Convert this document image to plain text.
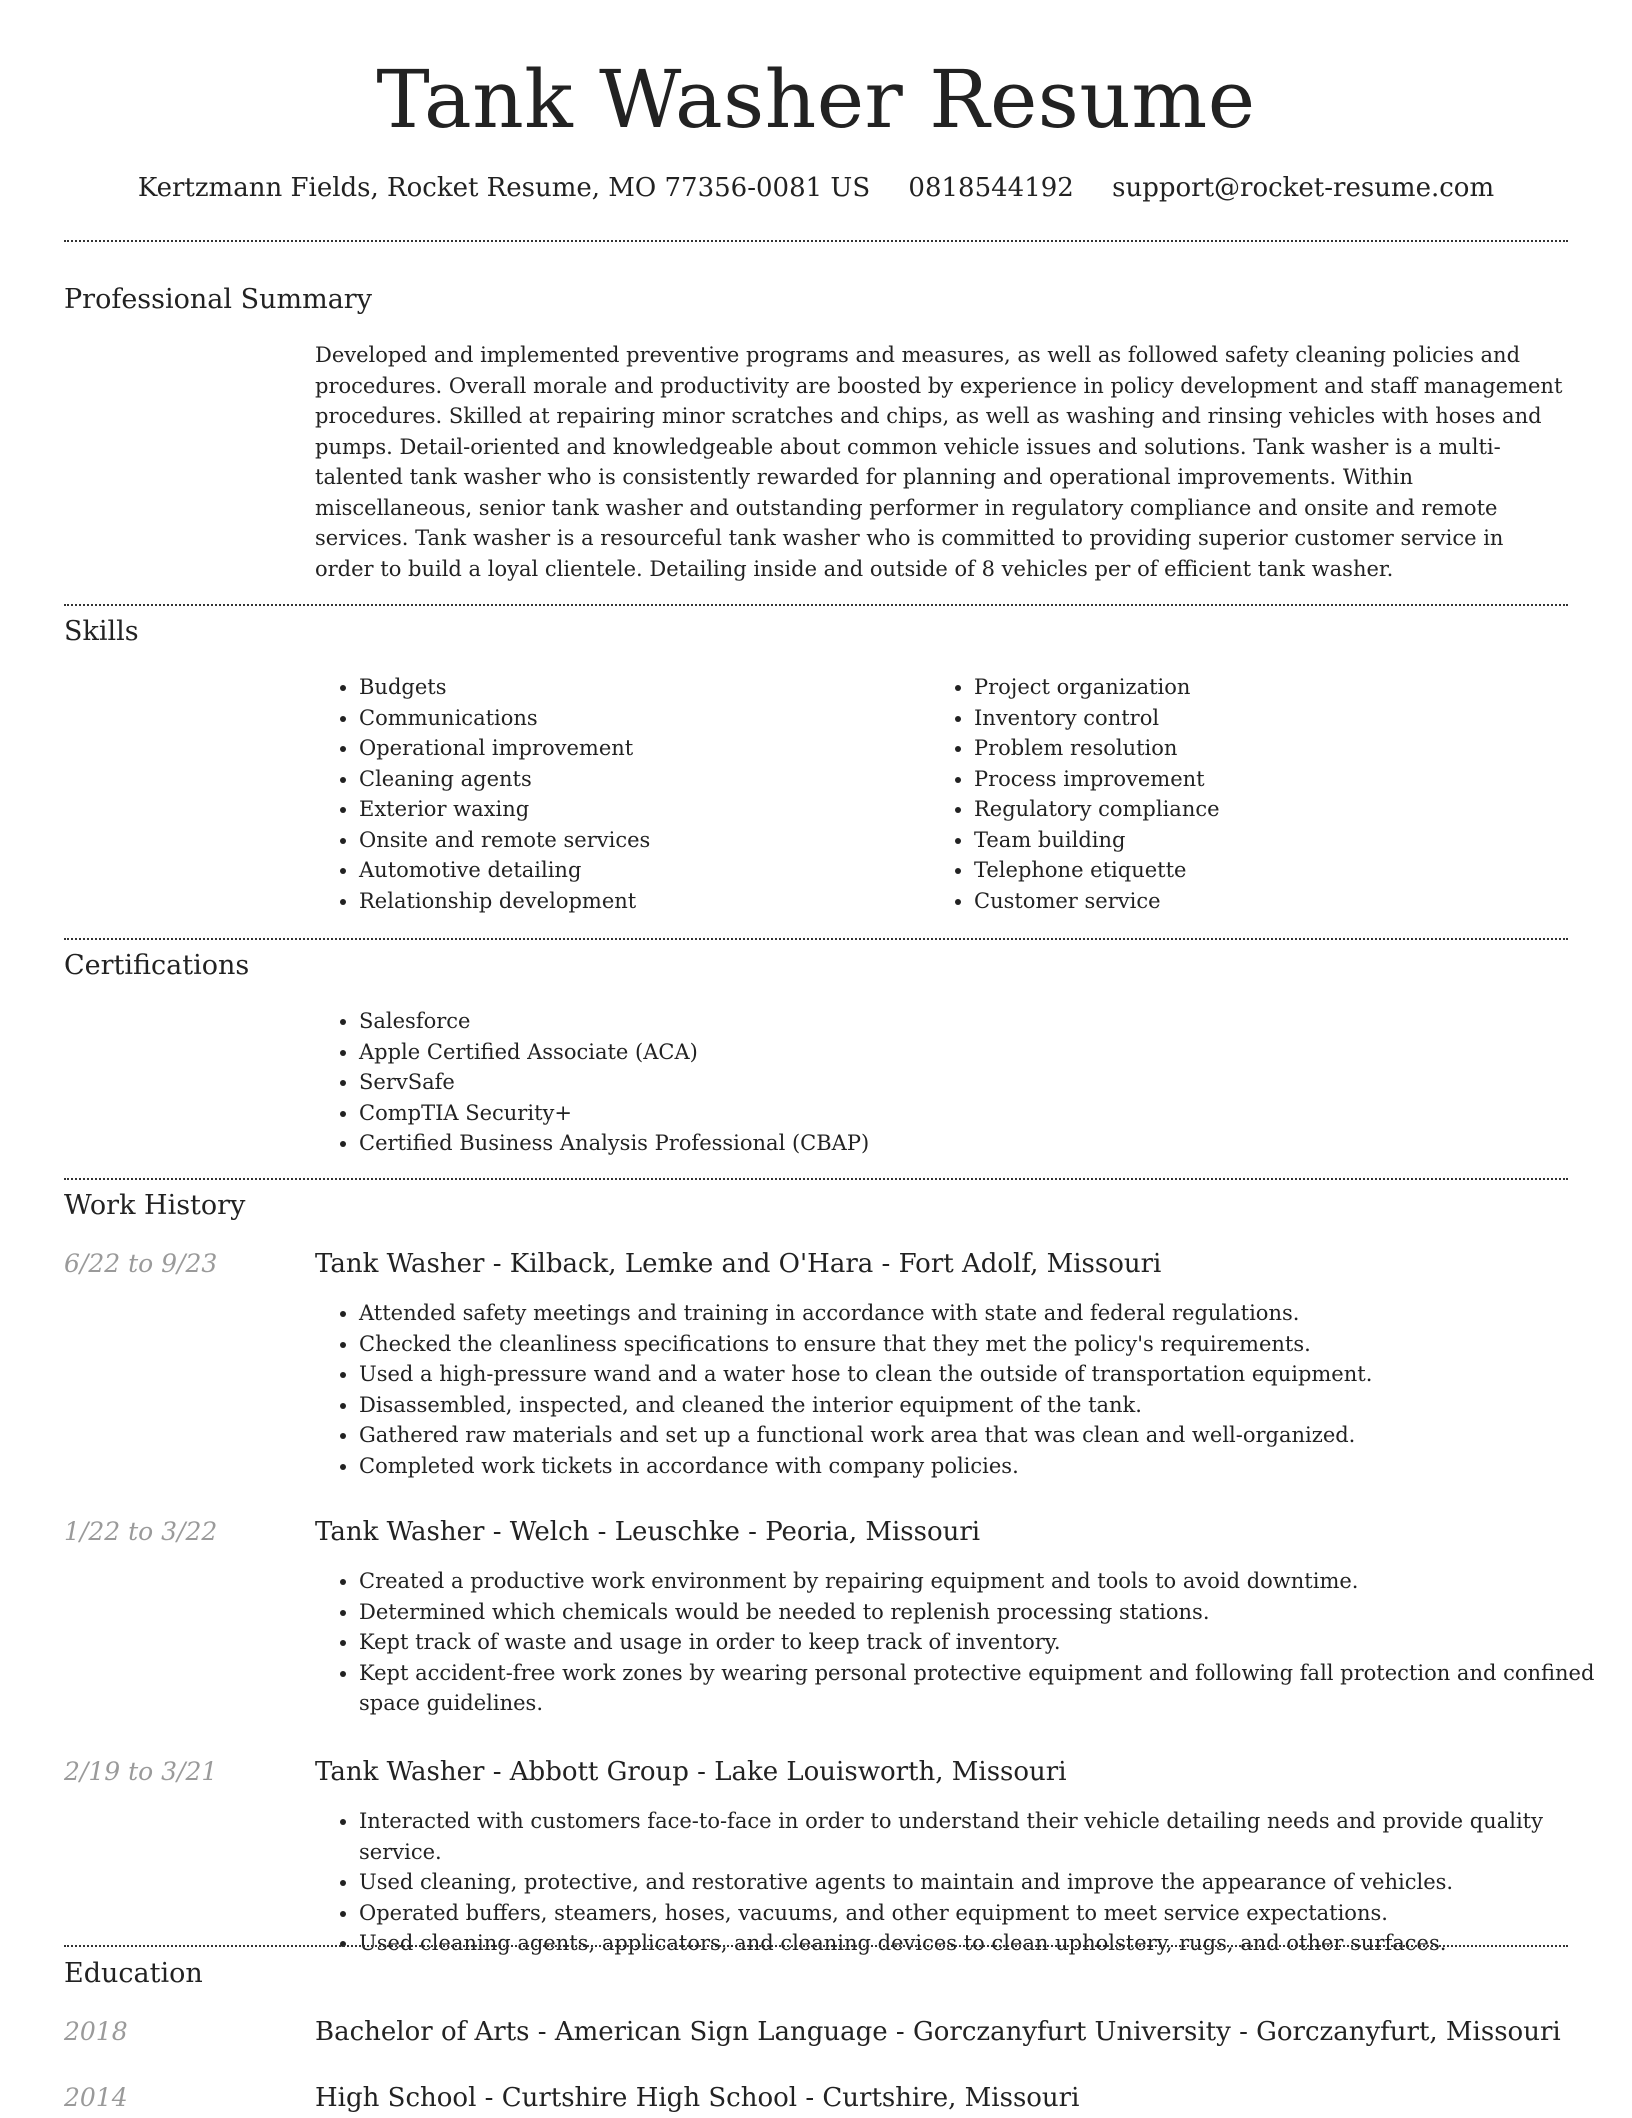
Tank Washer Resume
Kertzmann Fields, Rocket Resume, MO 77356-0081 US 0818544192 support@rocket-resume.com
Professional Summary

Developed and implemented preventive programs and measures, as well as followed safety cleaning policies and procedures. Overall morale and productivity are boosted by experience in policy development and staff management procedures. Skilled at repairing minor scratches and chips, as well as washing and rinsing vehicles with hoses and pumps. Detail-oriented and knowledgeable about common vehicle issues and solutions. Tank washer is a multi-talented tank washer who is consistently rewarded for planning and operational improvements. Within miscellaneous, senior tank washer and outstanding performer in regulatory compliance and onsite and remote services. Tank washer is a resourceful tank washer who is committed to providing superior customer service in order to build a loyal clientele. Detailing inside and outside of 8 vehicles per of efficient tank washer.

Skills
• Budgets
• Communications
• Operational improvement
• Cleaning agents
• Exterior waxing
• Onsite and remote services
• Automotive detailing
• Relationship development
• Project organization
• Inventory control
• Problem resolution
• Process improvement
• Regulatory compliance
• Team building
• Telephone etiquette
• Customer service
Certifications
• Salesforce
• Apple Certified Associate (ACA)
• ServSafe
• CompTIA Security+
• Certified Business Analysis Professional (CBAP)
Work History
6/22 to 9/23	Tank Washer - Kilback, Lemke and O'Hara - Fort Adolf, Missouri
• Attended safety meetings and training in accordance with state and federal regulations.
• Checked the cleanliness specifications to ensure that they met the policy's requirements.
• Used a high-pressure wand and a water hose to clean the outside of transportation equipment.
• Disassembled, inspected, and cleaned the interior equipment of the tank.
• Gathered raw materials and set up a functional work area that was clean and well-organized.
• Completed work tickets in accordance with company policies.
1/22 to 3/22	Tank Washer - Welch - Leuschke - Peoria, Missouri
• Created a productive work environment by repairing equipment and tools to avoid downtime.
• Determined which chemicals would be needed to replenish processing stations.
• Kept track of waste and usage in order to keep track of inventory.
• Kept accident-free work zones by wearing personal protective equipment and following fall protection and confined space guidelines.
2/19 to 3/21	Tank Washer - Abbott Group - Lake Louisworth, Missouri
• Interacted with customers face-to-face in order to understand their vehicle detailing needs and provide quality service.
• Used cleaning, protective, and restorative agents to maintain and improve the appearance of vehicles.
• Operated buffers, steamers, hoses, vacuums, and other equipment to meet service expectations.
• Used cleaning agents, applicators, and cleaning devices to clean upholstery, rugs, and other surfaces.
Education
2018	Bachelor of Arts - American Sign Language - Gorczanyfurt University - Gorczanyfurt, Missouri
2014	High School - Curtshire High School - Curtshire, Missouri
